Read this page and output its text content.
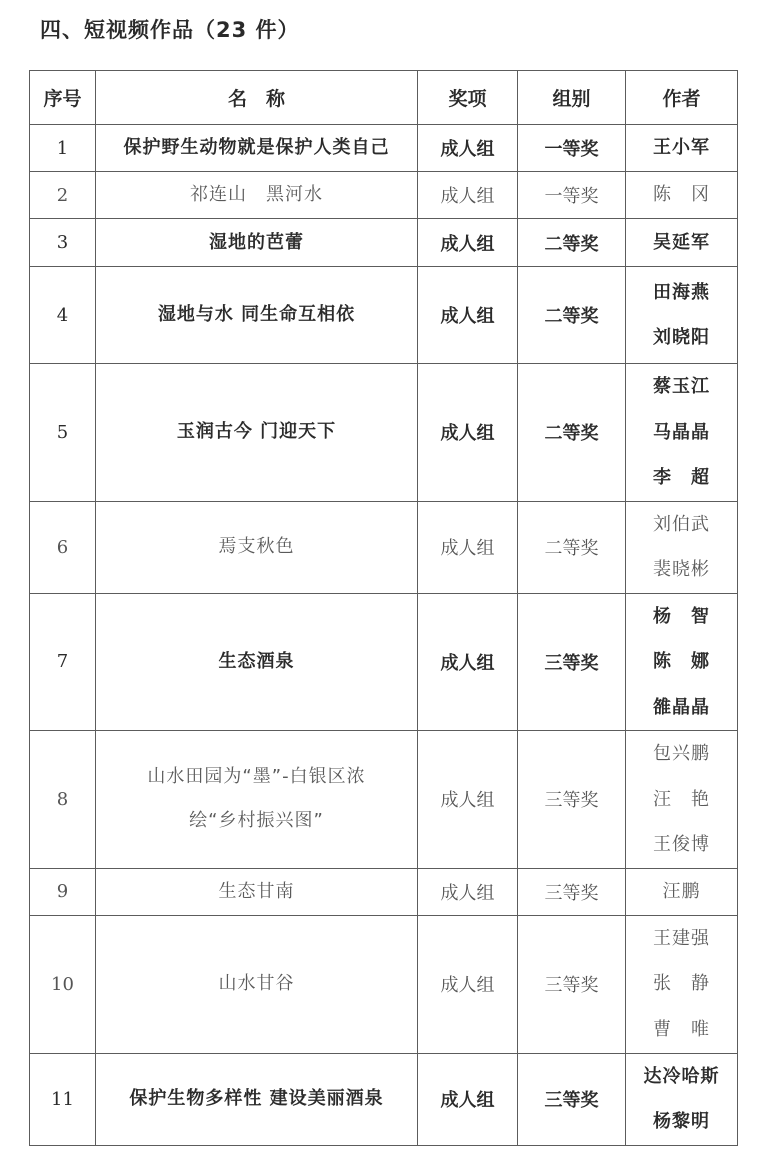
四、短视频作品（23 件）
序号	名　称	奖项	组别	作者
1	保护野生动物就是保护人类自己	成人组	一等奖	王小军

2	祁连山　黑河水	成人组	一等奖	陈　冈

3	湿地的芭蕾	成人组	二等奖	吴延军

4	湿地与水 同生命互相依	成人组	二等奖	田海燕
刘晓阳

5	玉润古今 门迎天下	成人组	二等奖	蔡玉江
马晶晶
李　超

6	焉支秋色	成人组	二等奖	刘伯武
裴晓彬

7	生态酒泉	成人组	三等奖	杨　智
陈　娜
雒晶晶

8	山水田园为“墨”-白银区浓
绘“乡村振兴图”	成人组	三等奖	包兴鹏
汪　艳
王俊博

9	生态甘南	成人组	三等奖	汪鹏

10	山水甘谷	成人组	三等奖	王建强
张　静
曹　唯

11	保护生物多样性 建设美丽酒泉	成人组	三等奖	达冷哈斯
杨黎明
